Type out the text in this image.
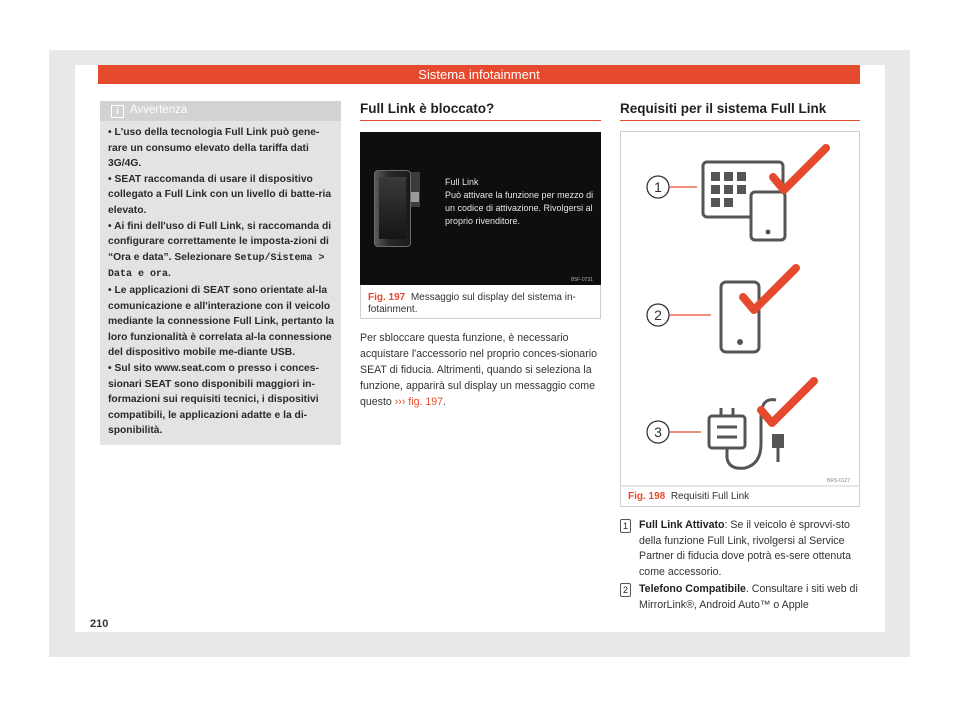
Sistema infotainment
i Avvertenza

• L'uso della tecnologia Full Link può gene-rare un consumo elevato della tariffa dati 3G/4G.

• SEAT raccomanda di usare il dispositivo collegato a Full Link con un livello di batte-ria elevato.

• Ai fini dell'uso di Full Link, si raccomanda di configurare correttamente le imposta-zioni di “Ora e data”. Selezionare Setup/Sistema > Data e ora.

• Le applicazioni di SEAT sono orientate al-la comunicazione e all'interazione con il veicolo mediante la connessione Full Link, pertanto la loro funzionalità è correlata al-la connessione del dispositivo mobile me-diante USB.

• Sul sito www.seat.com o presso i conces-sionari SEAT sono disponibili maggiori in-formazioni sui requisiti tecnici, i dispositivi compatibili, le applicazioni adatte e la di-sponibilità.

Full Link è bloccato?
Full Link
Può attivare la funzione per mezzo di un codice di attivazione. Rivolgersi al proprio rivenditore.
B5F-0731
Fig. 197 Messaggio sul display del sistema in-fotainment.
Per sbloccare questa funzione, è necessario acquistare l'accessorio nel proprio conces-sionario SEAT di fiducia. Altrimenti, quando si seleziona la funzione, apparirà sul display un messaggio come questo ››› fig. 197.
Requisiti per il sistema Full Link
1
2
3
BRS-0127
Fig. 198 Requisiti Full Link
1 Full Link Attivato: Se il veicolo è sprovvi-sto della funzione Full Link, rivolgersi al Service Partner di fiducia dove potrà es-sere ottenuta come accessorio.
2 Telefono Compatibile. Consultare i siti web di MirrorLink®, Android Auto™ o Apple
210
